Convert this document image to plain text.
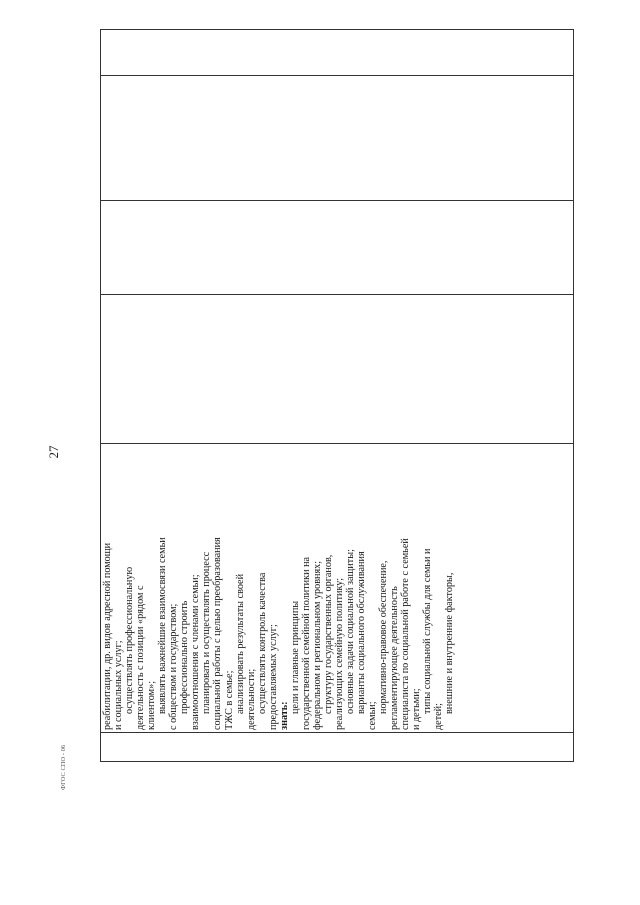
реабилитации, др. видов адресной помощи и социальных услуг; осуществлять профессиональную деятельность с позиции «рядом с клиентом»; выявлять важнейшие взаимосвязи семьи с обществом и государством; профессионально строить взаимоотношения с членами семьи; планировать и осуществлять процесс социальной работы с целью преобразования ТЖС в семье; анализировать результаты своей деятельности; осуществлять контроль качества предоставляемых услуг; знать:
цели и главные принципы государственной семейной политики на федеральном и региональном уровнях; структуру государственных органов, реализующих семейную политику; основные задачи социальной защиты; варианты социального обслуживания
семьи;
нормативно-правовое обеспечение, регламентирующее деятельность специалиста по социальной работе с семьей и детьми; типы социальной службы для семьи и
детей;
внешние и внутренние факторы,

27
ФГОС СПО - 06
